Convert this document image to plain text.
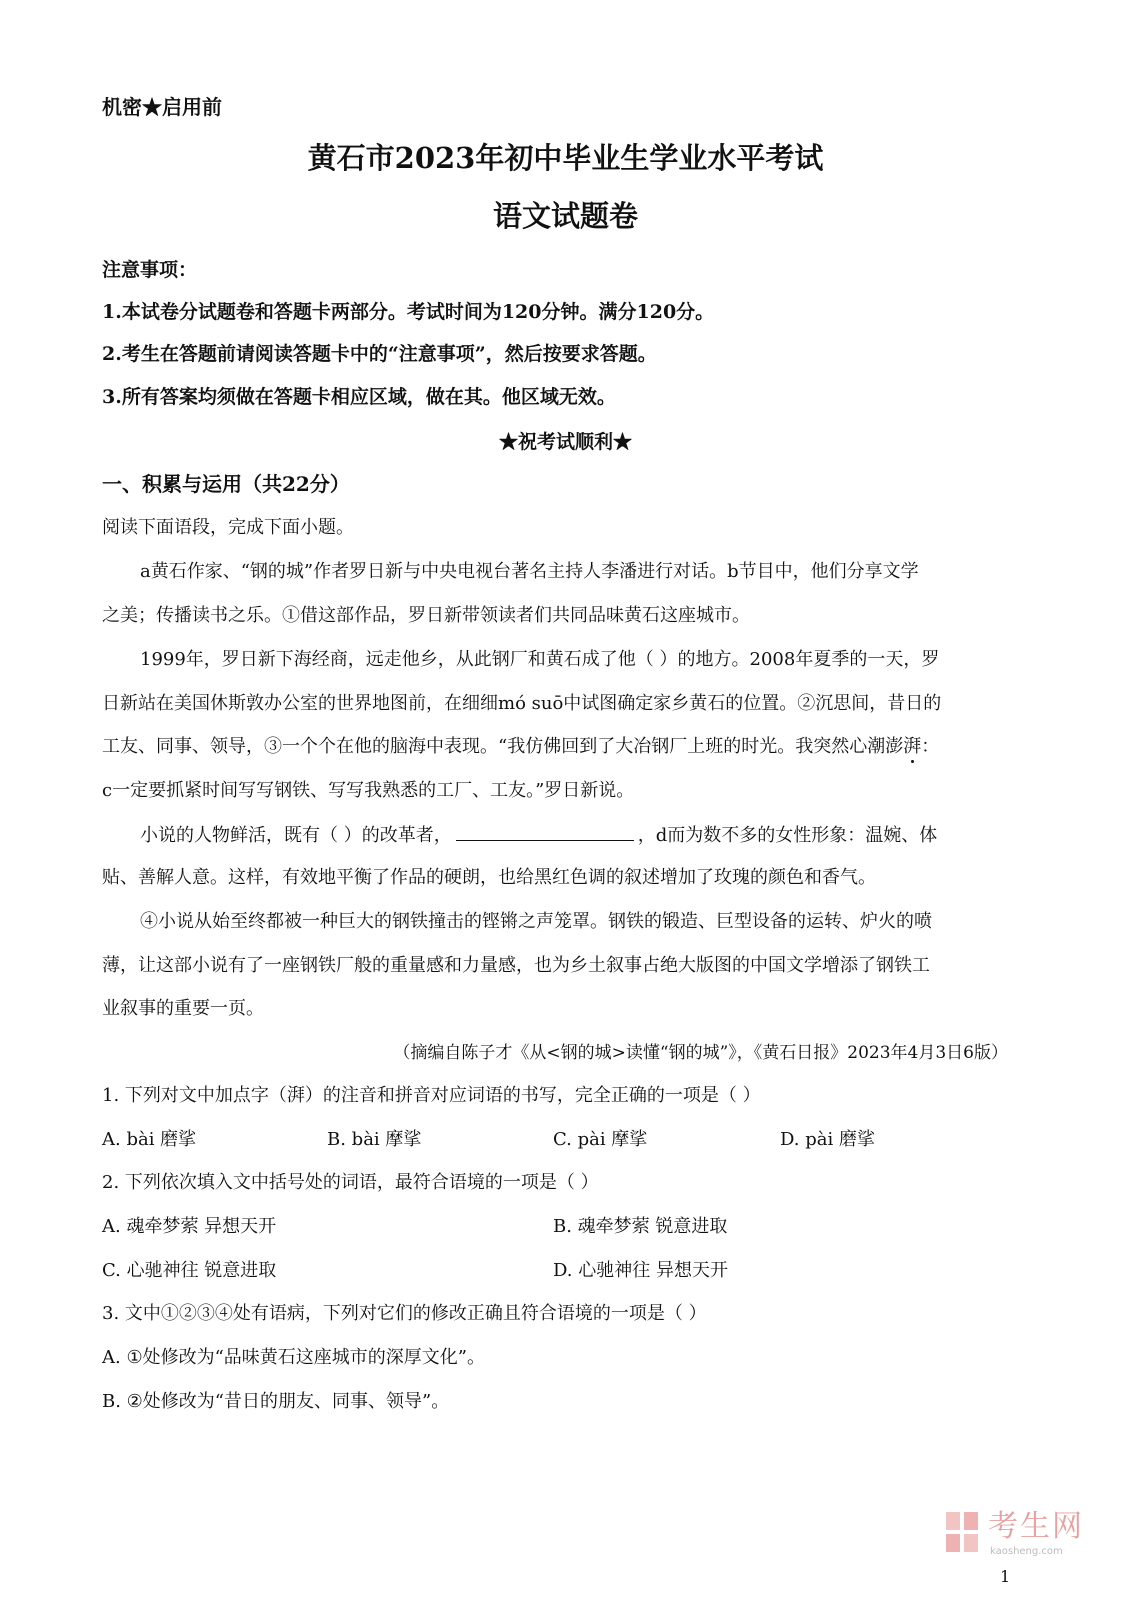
机密★启用前
黄石市2023年初中毕业生学业水平考试
语文试题卷
注意事项：
1.本试卷分试题卷和答题卡两部分。考试时间为120分钟。满分120分。
2.考生在答题前请阅读答题卡中的“注意事项”，然后按要求答题。
3.所有答案均须做在答题卡相应区域，做在其。他区域无效。
★祝考试顺利★
一、积累与运用（共22分）
阅读下面语段，完成下面小题。
a黄石作家、“钢的城”作者罗日新与中央电视台著名主持人李潘进行对话。b节目中，他们分享文学
之美；传播读书之乐。①借这部作品，罗日新带领读者们共同品味黄石这座城市。
1999年，罗日新下海经商，远走他乡，从此钢厂和黄石成了他（ ）的地方。2008年夏季的一天，罗
日新站在美国休斯敦办公室的世界地图前，在细细mó suō中试图确定家乡黄石的位置。②沉思间，昔日的
工友、同事、领导，③一个个在他的脑海中表现。“我仿佛回到了大冶钢厂上班的时光。我突然心潮澎湃：
c一定要抓紧时间写写钢铁、写写我熟悉的工厂、工友。”罗日新说。
小说的人物鲜活，既有（ ）的改革者，	，d而为数不多的女性形象：温婉、体
贴、善解人意。这样，有效地平衡了作品的硬朗，也给黑红色调的叙述增加了玫瑰的颜色和香气。
④小说从始至终都被一种巨大的钢铁撞击的铿锵之声笼罩。钢铁的锻造、巨型设备的运转、炉火的喷
薄，让这部小说有了一座钢铁厂般的重量感和力量感，也为乡土叙事占绝大版图的中国文学增添了钢铁工
业叙事的重要一页。
（摘编自陈子才《从<钢的城>读懂“钢的城”》，《黄石日报》2023年4月3日6版）
1. 下列对文中加点字（湃）的注音和拼音对应词语的书写，完全正确的一项是（ ）
A. bài 磨挲	B. bài 摩挲	C. pài 摩挲	D. pài 磨挲
2. 下列依次填入文中括号处的词语，最符合语境的一项是（ ）
A. 魂牵梦萦 异想天开	B. 魂牵梦萦 锐意进取
C. 心驰神往 锐意进取	D. 心驰神往 异想天开
3. 文中①②③④处有语病，下列对它们的修改正确且符合语境的一项是（ ）
A. ①处修改为“品味黄石这座城市的深厚文化”。
B. ②处修改为“昔日的朋友、同事、领导”。
考生网
kaosheng.com
1
